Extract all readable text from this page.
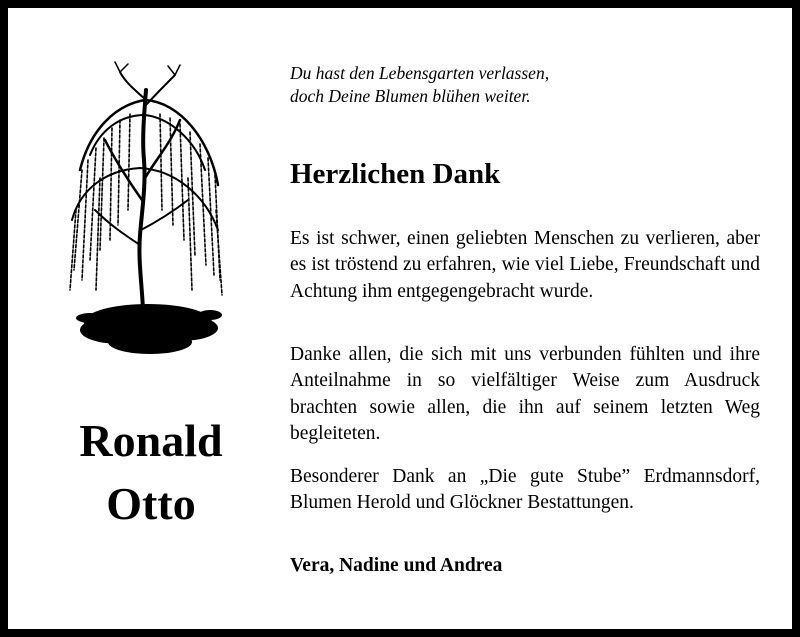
Ronald
Otto
Du hast den Lebensgarten verlassen,
doch Deine Blumen blühen weiter.
Herzlichen Dank
Es ist schwer, einen geliebten Menschen zu verlieren, aber es ist tröstend zu erfahren, wie viel Liebe, Freundschaft und Achtung ihm entgegengebracht wurde.
Danke allen, die sich mit uns verbunden fühlten und ihre Anteilnahme in so vielfältiger Weise zum Ausdruck brachten sowie allen, die ihn auf seinem letzten Weg begleiteten.
Besonderer Dank an „Die gute Stube” Erdmannsdorf, Blumen Herold und Glöckner Bestattungen.
Vera, Nadine und Andrea
